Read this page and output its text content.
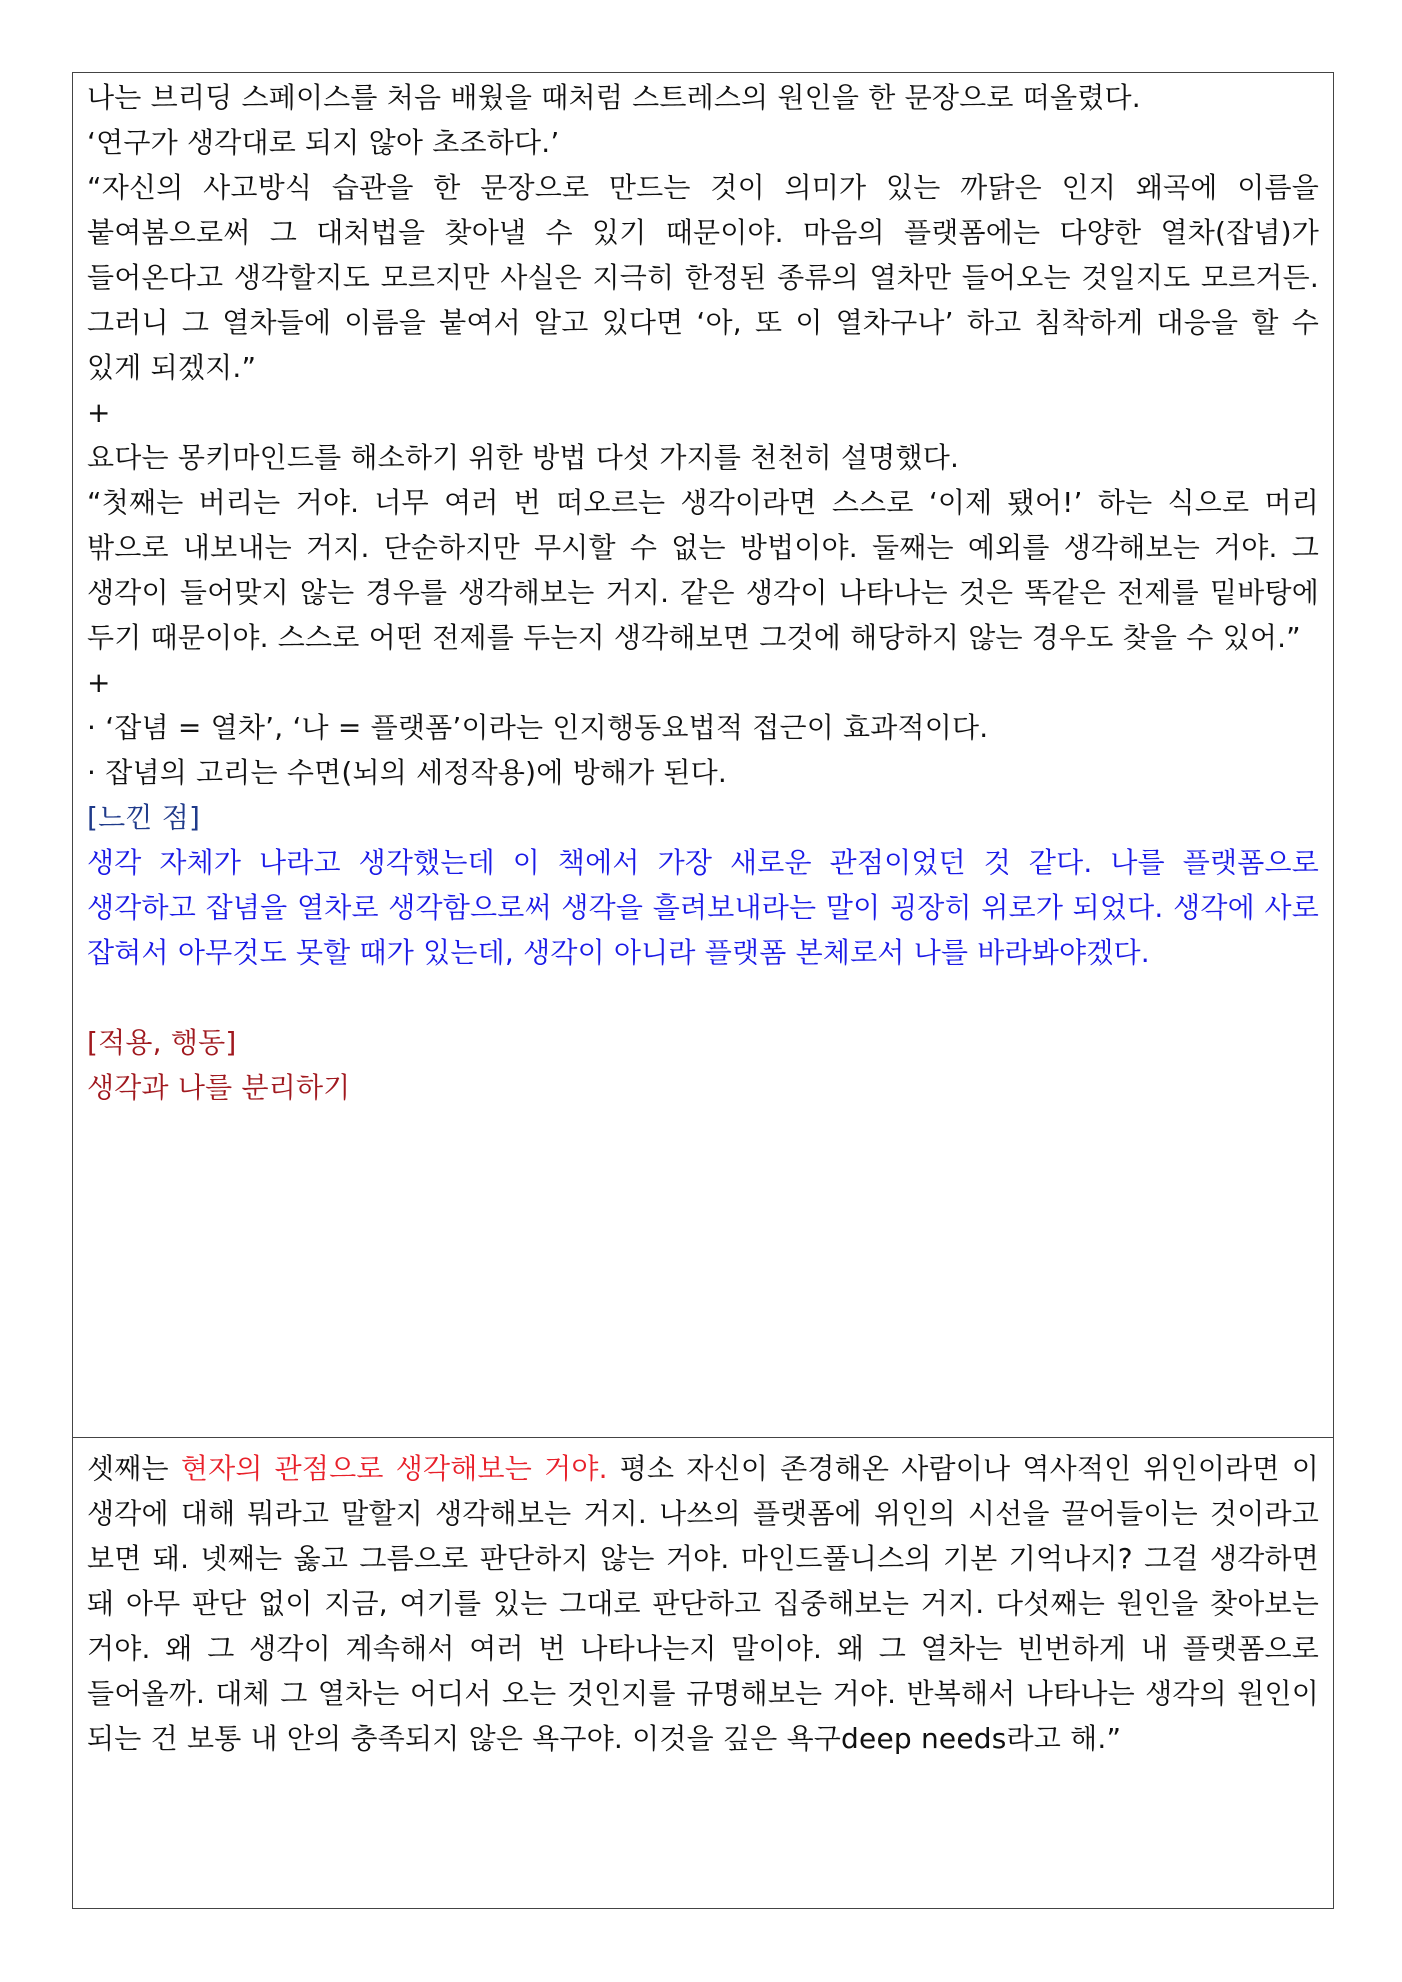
나는 브리딩 스페이스를 처음 배웠을 때처럼 스트레스의 원인을 한 문장으로 떠올렸다.
‘연구가 생각대로 되지 않아 초조하다.’
“자신의 사고방식 습관을 한 문장으로 만드는 것이 의미가 있는 까닭은 인지 왜곡에 이름을 붙여봄으로써 그 대처법을 찾아낼 수 있기 때문이야. 마음의 플랫폼에는 다양한 열차(잡념)가 들어온다고 생각할지도 모르지만 사실은 지극히 한정된 종류의 열차만 들어오는 것일지도 모르거든. 그러니 그 열차들에 이름을 붙여서 알고 있다면 ‘아, 또 이 열차구나’ 하고 침착하게 대응을 할 수 있게 되겠지.”
+
요다는 몽키마인드를 해소하기 위한 방법 다섯 가지를 천천히 설명했다.
“첫째는 버리는 거야. 너무 여러 번 떠오르는 생각이라면 스스로 ‘이제 됐어!’ 하는 식으로 머리 밖으로 내보내는 거지. 단순하지만 무시할 수 없는 방법이야. 둘째는 예외를 생각해보는 거야. 그 생각이 들어맞지 않는 경우를 생각해보는 거지. 같은 생각이 나타나는 것은 똑같은 전제를 밑바탕에 두기 때문이야. 스스로 어떤 전제를 두는지 생각해보면 그것에 해당하지 않는 경우도 찾을 수 있어.”
+
· ‘잡념 = 열차’, ‘나 = 플랫폼’이라는 인지행동요법적 접근이 효과적이다.
· 잡념의 고리는 수면(뇌의 세정작용)에 방해가 된다.
[느낀 점]
생각 자체가 나라고 생각했는데 이 책에서 가장 새로운 관점이었던 것 같다. 나를 플랫폼으로 생각하고 잡념을 열차로 생각함으로써 생각을 흘려보내라는 말이 굉장히 위로가 되었다. 생각에 사로 잡혀서 아무것도 못할 때가 있는데, 생각이 아니라 플랫폼 본체로서 나를 바라봐야겠다.
[적용, 행동]
생각과 나를 분리하기
셋째는 현자의 관점으로 생각해보는 거야. 평소 자신이 존경해온 사람이나 역사적인 위인이라면 이 생각에 대해 뭐라고 말할지 생각해보는 거지. 나쓰의 플랫폼에 위인의 시선을 끌어들이는 것이라고 보면 돼. 넷째는 옳고 그름으로 판단하지 않는 거야. 마인드풀니스의 기본 기억나지? 그걸 생각하면 돼 아무 판단 없이 지금, 여기를 있는 그대로 판단하고 집중해보는 거지. 다섯째는 원인을 찾아보는 거야. 왜 그 생각이 계속해서 여러 번 나타나는지 말이야. 왜 그 열차는 빈번하게 내 플랫폼으로 들어올까. 대체 그 열차는 어디서 오는 것인지를 규명해보는 거야. 반복해서 나타나는 생각의 원인이 되는 건 보통 내 안의 충족되지 않은 욕구야. 이것을 깊은 욕구deep needs라고 해.”
